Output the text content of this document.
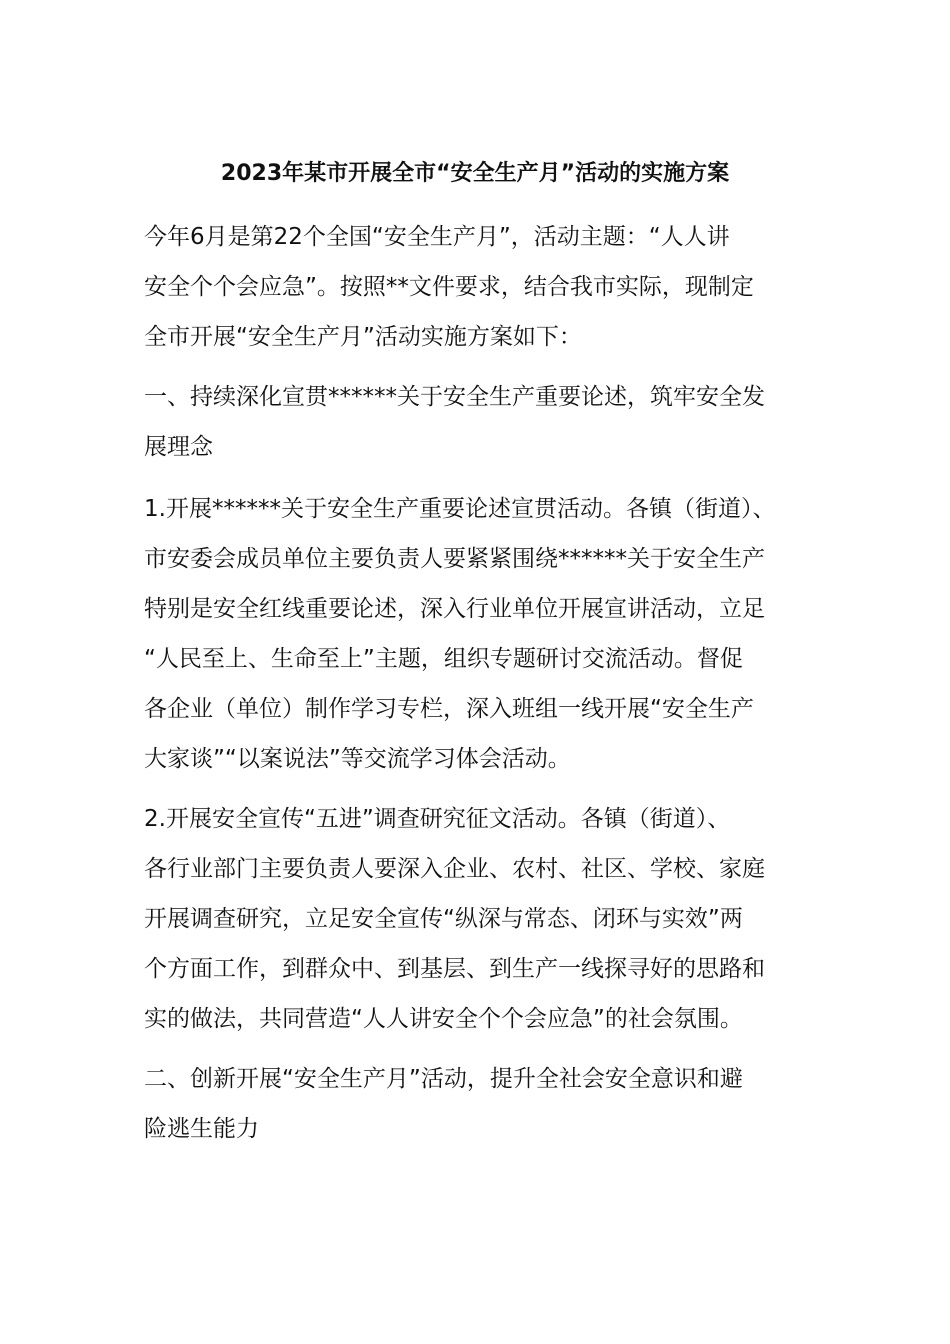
2023年某市开展全市“安全生产月”活动的实施方案

今年6月是第22个全国“安全生产月”，活动主题：“人人讲
安全个个会应急”。按照**文件要求，结合我市实际，现制定
全市开展“安全生产月”活动实施方案如下：

一、持续深化宣贯******关于安全生产重要论述，筑牢安全发
展理念

1.开展******关于安全生产重要论述宣贯活动。各镇（街道）、
市安委会成员单位主要负责人要紧紧围绕******关于安全生产
特别是安全红线重要论述，深入行业单位开展宣讲活动，立足
“人民至上、生命至上”主题，组织专题研讨交流活动。督促
各企业（单位）制作学习专栏，深入班组一线开展“安全生产
大家谈”“以案说法”等交流学习体会活动。

2.开展安全宣传“五进”调查研究征文活动。各镇（街道）、
各行业部门主要负责人要深入企业、农村、社区、学校、家庭
开展调查研究，立足安全宣传“纵深与常态、闭环与实效”两
个方面工作，到群众中、到基层、到生产一线探寻好的思路和
实的做法，共同营造“人人讲安全个个会应急”的社会氛围。

二、创新开展“安全生产月”活动，提升全社会安全意识和避
险逃生能力
